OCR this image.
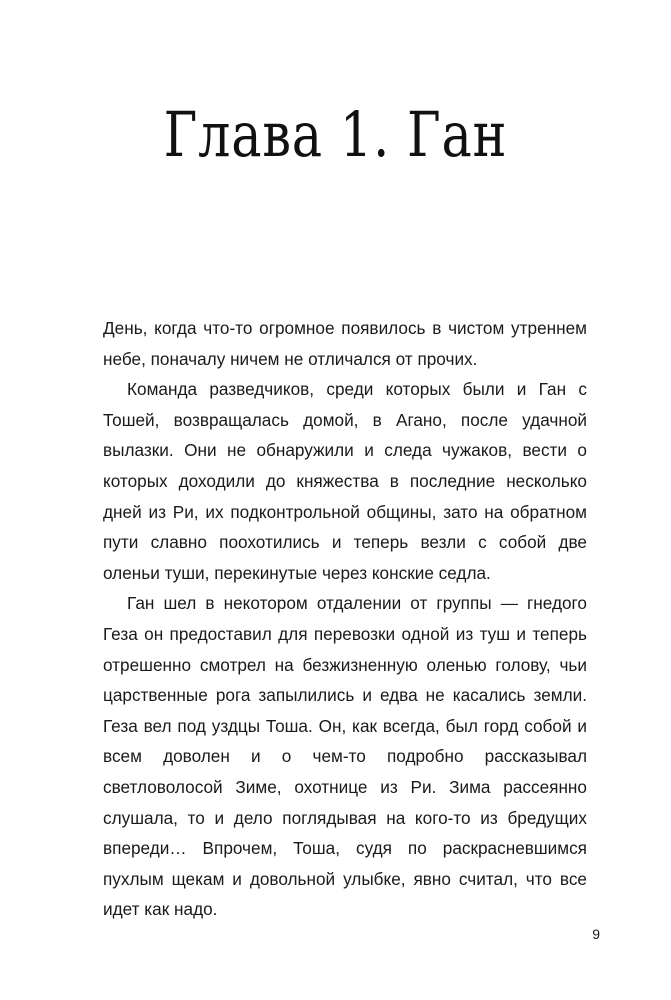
Глава 1. Ган

День, когда что-то огромное появилось в чистом утреннем небе, поначалу ничем не отличался от прочих.

Команда разведчиков, среди которых были и Ган с Тошей, возвращалась домой, в Агано, после удачной вылазки. Они не обнаружили и следа чужаков, вести о которых доходили до княжества в последние несколько дней из Ри, их подконтрольной общины, зато на обратном пути славно поохотились и теперь везли с собой две оленьи туши, перекинутые через конские седла.

Ган шел в некотором отдалении от группы — гнедого Геза он предоставил для перевозки одной из туш и теперь отрешенно смотрел на безжизненную оленью голову, чьи царственные рога запылились и едва не касались земли. Геза вел под уздцы Тоша. Он, как всегда, был горд собой и всем доволен и о чем-то подробно рассказывал светловолосой Зиме, охотнице из Ри. Зима рассеянно слушала, то и дело поглядывая на кого-то из бредущих впереди… Впрочем, Тоша, судя по раскрасневшимся пухлым щекам и довольной улыбке, явно считал, что все идет как надо.

9
